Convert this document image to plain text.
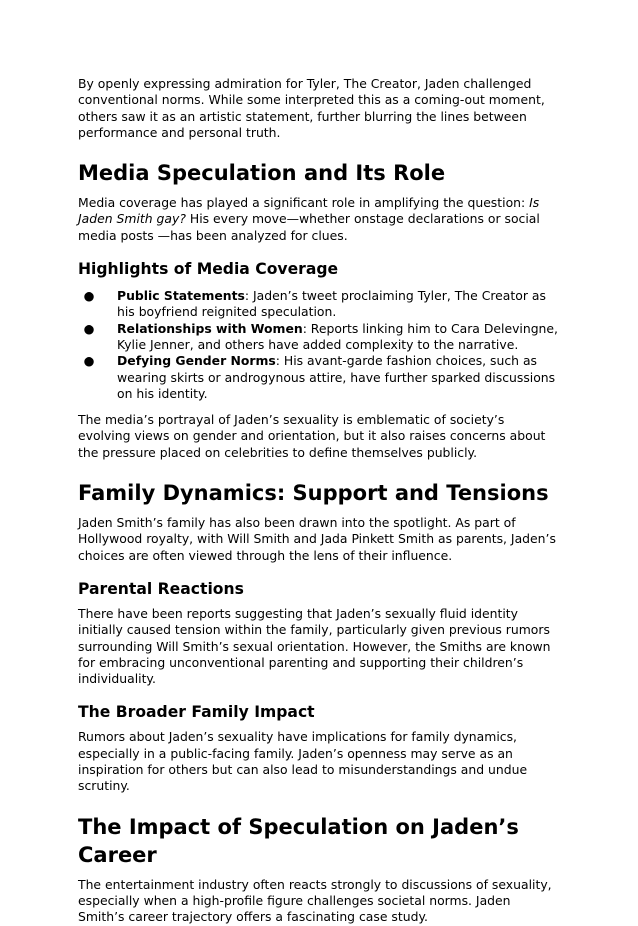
By openly expressing admiration for Tyler, The Creator, Jaden challenged conventional norms. While some interpreted this as a coming-out moment, others saw it as an artistic statement, further blurring the lines between performance and personal truth.

Media Speculation and Its Role

Media coverage has played a significant role in amplifying the question: Is Jaden Smith gay? His every move—whether onstage declarations or social media posts —has been analyzed for clues.

Highlights of Media Coverage
● Public Statements: Jaden’s tweet proclaiming Tyler, The Creator as his boyfriend reignited speculation.
● Relationships with Women: Reports linking him to Cara Delevingne, Kylie Jenner, and others have added complexity to the narrative.
● Defying Gender Norms: His avant-garde fashion choices, such as wearing skirts or androgynous attire, have further sparked discussions on his identity.

The media’s portrayal of Jaden’s sexuality is emblematic of society’s evolving views on gender and orientation, but it also raises concerns about the pressure placed on celebrities to define themselves publicly.

Family Dynamics: Support and Tensions

Jaden Smith’s family has also been drawn into the spotlight. As part of Hollywood royalty, with Will Smith and Jada Pinkett Smith as parents, Jaden’s choices are often viewed through the lens of their influence.

Parental Reactions

There have been reports suggesting that Jaden’s sexually fluid identity initially caused tension within the family, particularly given previous rumors surrounding Will Smith’s sexual orientation. However, the Smiths are known for embracing unconventional parenting and supporting their children’s individuality.

The Broader Family Impact

Rumors about Jaden’s sexuality have implications for family dynamics, especially in a public-facing family. Jaden’s openness may serve as an inspiration for others but can also lead to misunderstandings and undue scrutiny.

The Impact of Speculation on Jaden’s Career

The entertainment industry often reacts strongly to discussions of sexuality, especially when a high-profile figure challenges societal norms. Jaden Smith’s career trajectory offers a fascinating case study.
